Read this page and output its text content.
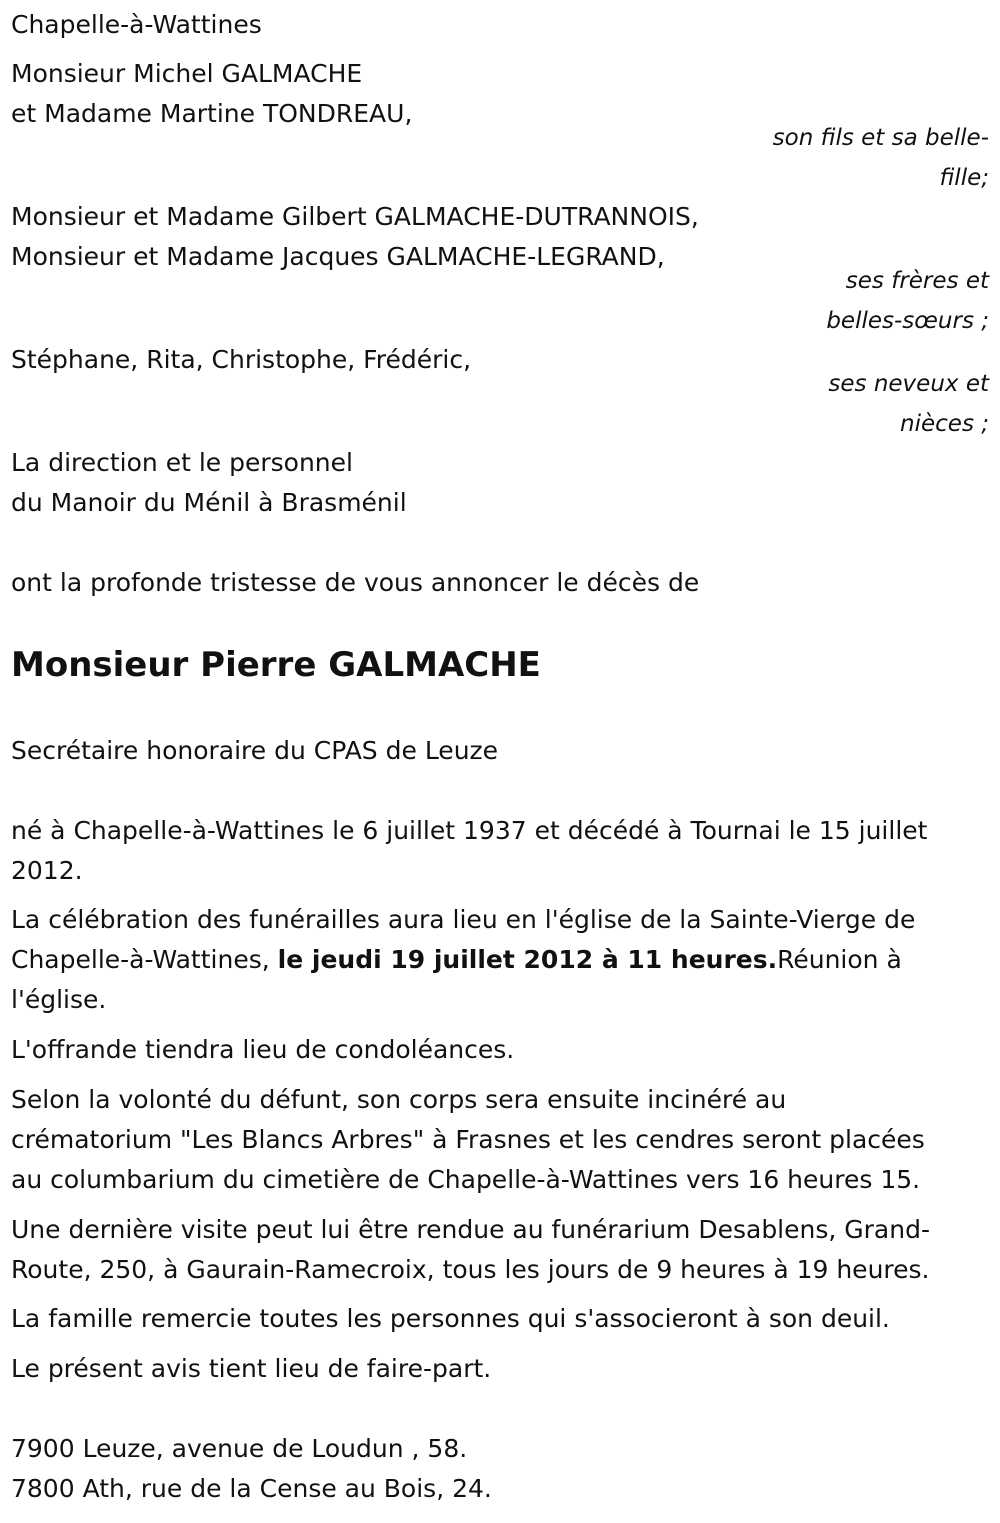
Chapelle-à-Wattines
Monsieur Michel GALMACHE
et Madame Martine TONDREAU,
son fils et sa belle-
fille;
Monsieur et Madame Gilbert GALMACHE-DUTRANNOIS,
Monsieur et Madame Jacques GALMACHE-LEGRAND,
ses frères et
belles-sœurs ;
Stéphane, Rita, Christophe, Frédéric,
ses neveux et
nièces ;
La direction et le personnel
du Manoir du Ménil à Brasménil
ont la profonde tristesse de vous annoncer le décès de
Monsieur Pierre GALMACHE
Secrétaire honoraire du CPAS de Leuze
né à Chapelle-à-Wattines le 6 juillet 1937 et décédé à Tournai le 15 juillet
2012.
La célébration des funérailles aura lieu en l'église de la Sainte-Vierge de
Chapelle-à-Wattines, le jeudi 19 juillet 2012 à 11 heures.Réunion à
l'église.
L'offrande tiendra lieu de condoléances.
Selon la volonté du défunt, son corps sera ensuite incinéré au
crématorium "Les Blancs Arbres" à Frasnes et les cendres seront placées
au columbarium du cimetière de Chapelle-à-Wattines vers 16 heures 15.
Une dernière visite peut lui être rendue au funérarium Desablens, Grand-
Route, 250, à Gaurain-Ramecroix, tous les jours de 9 heures à 19 heures.
La famille remercie toutes les personnes qui s'associeront à son deuil.
Le présent avis tient lieu de faire-part.
7900 Leuze, avenue de Loudun , 58.
7800 Ath, rue de la Cense au Bois, 24.
